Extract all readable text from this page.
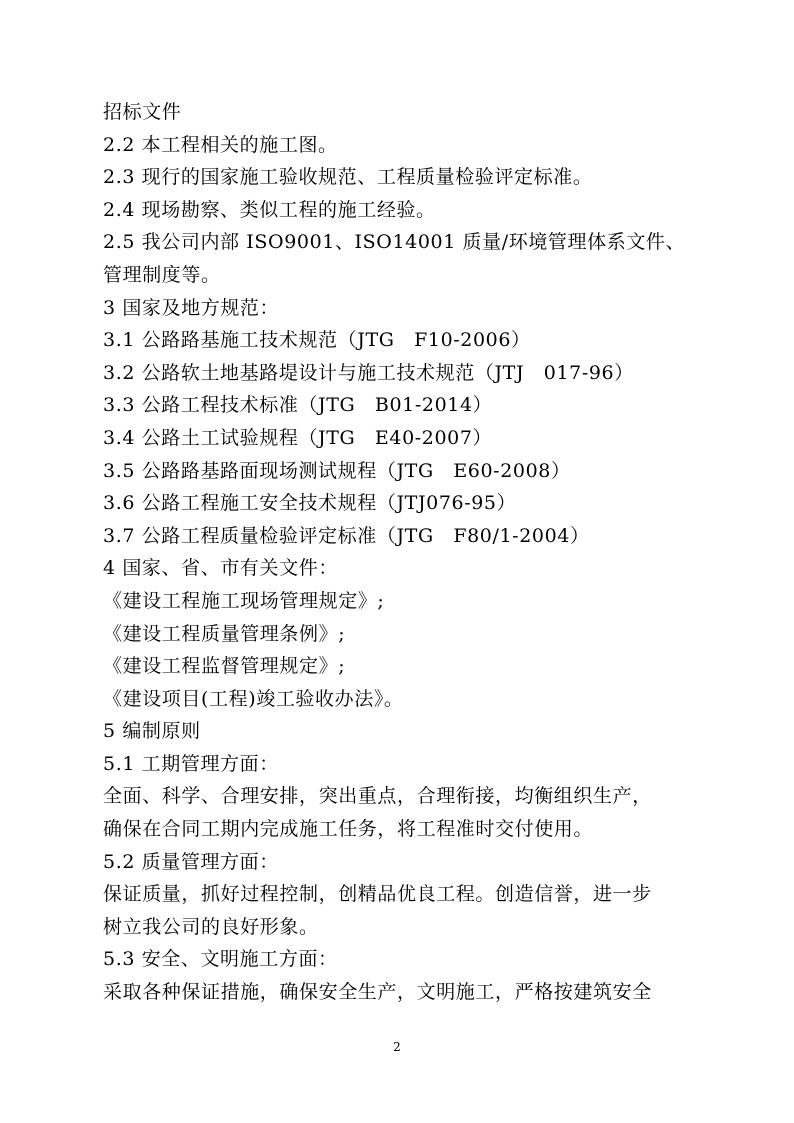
招标文件
2.2 本工程相关的施工图。
2.3 现行的国家施工验收规范、工程质量检验评定标准。
2.4 现场勘察、类似工程的施工经验。
2.5 我公司内部 ISO9001、ISO14001 质量/环境管理体系文件、
管理制度等。
3 国家及地方规范：
3.1 公路路基施工技术规范（JTG　F10-2006）
3.2 公路软土地基路堤设计与施工技术规范（JTJ　017-96）
3.3 公路工程技术标准（JTG　B01-2014）
3.4 公路土工试验规程（JTG　E40-2007）
3.5 公路路基路面现场测试规程（JTG　E60-2008）
3.6 公路工程施工安全技术规程（JTJ076-95）
3.7 公路工程质量检验评定标准（JTG　F80/1-2004）
4 国家、省、市有关文件：
《建设工程施工现场管理规定》;
《建设工程质量管理条例》;
《建设工程监督管理规定》;
《建设项目(工程)竣工验收办法》。
5 编制原则
5.1 工期管理方面：
全面、科学、合理安排，突出重点，合理衔接，均衡组织生产，
确保在合同工期内完成施工任务，将工程准时交付使用。
5.2 质量管理方面：
保证质量，抓好过程控制，创精品优良工程。创造信誉，进一步
树立我公司的良好形象。
5.3 安全、文明施工方面：
采取各种保证措施，确保安全生产，文明施工，严格按建筑安全
2
